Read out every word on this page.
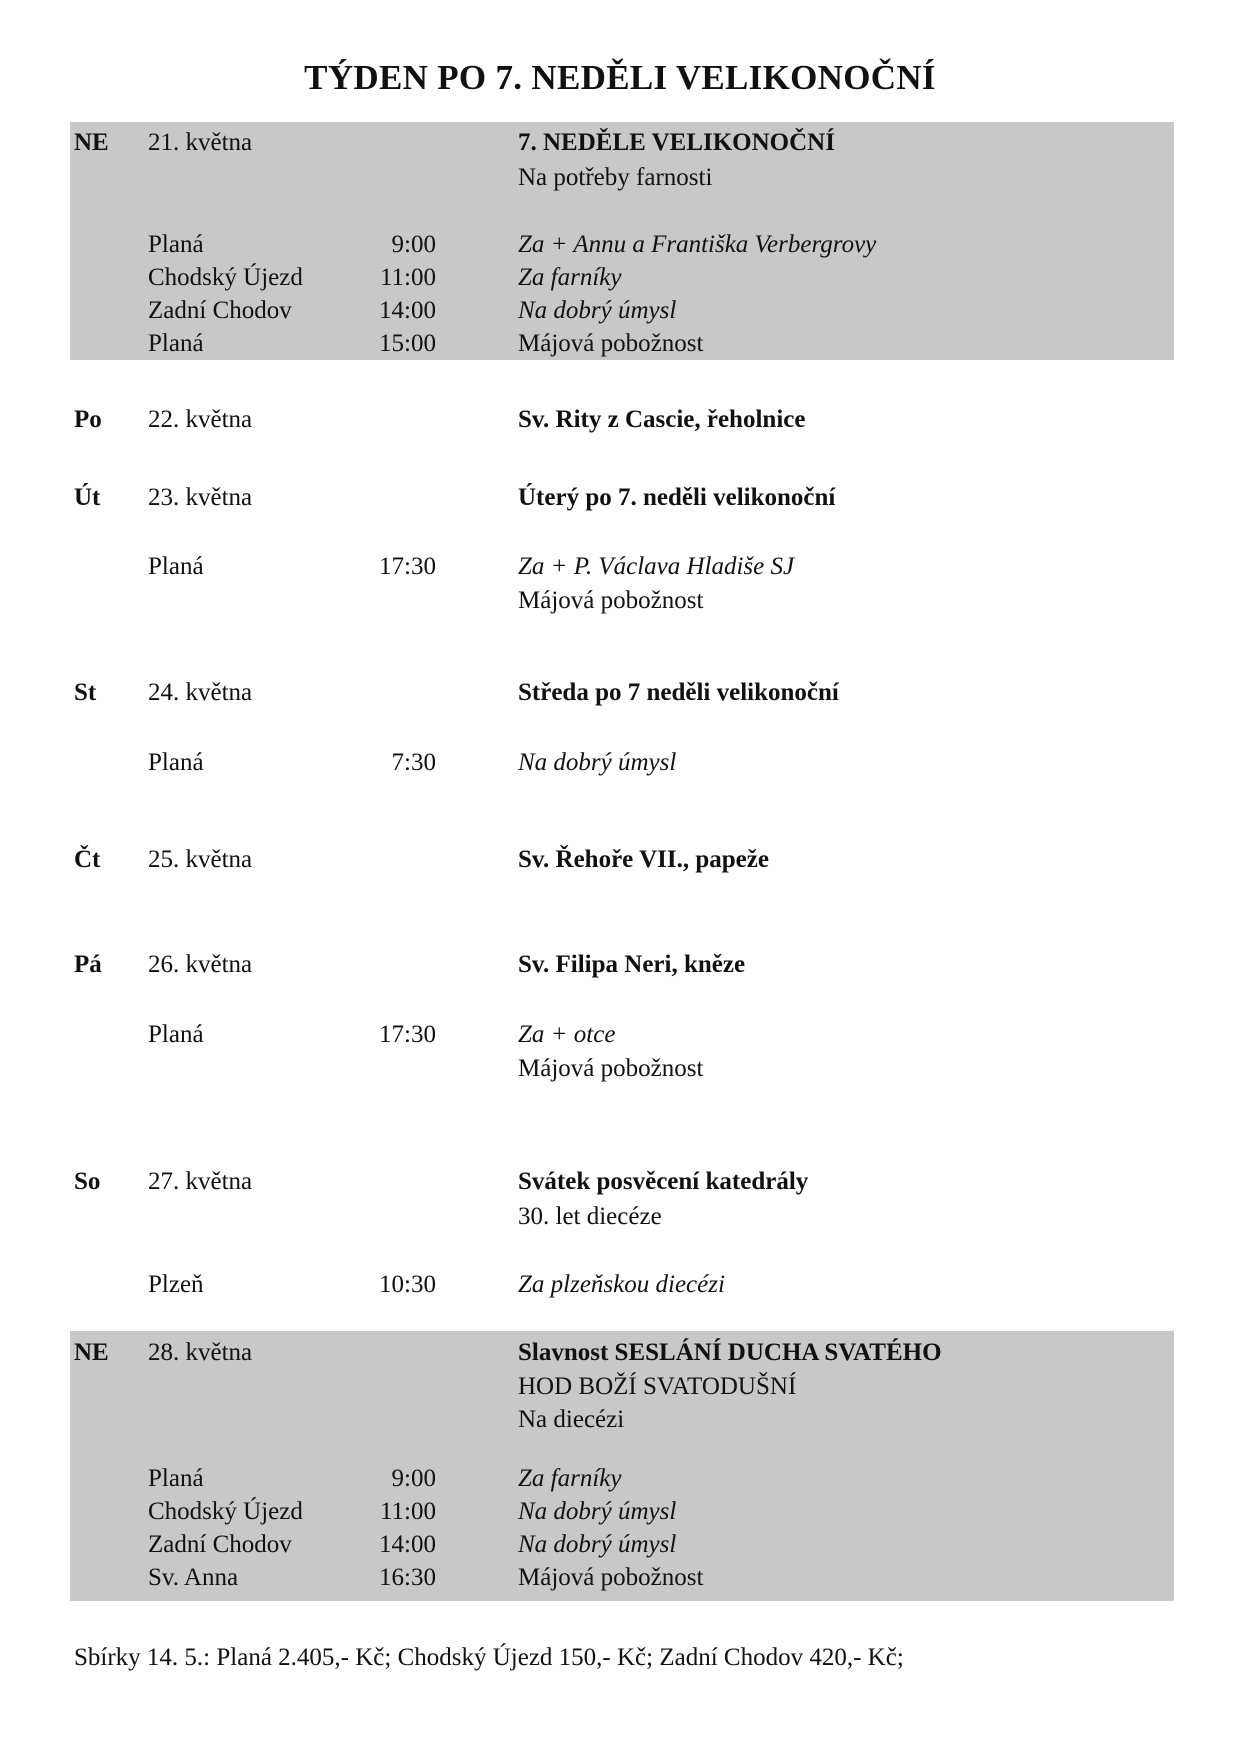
TÝDEN PO 7. NEDĚLI VELIKONOČNÍ
NE 21. května	7. NEDĚLE VELIKONOČNÍ
Na potřeby farnosti
Planá	9:00	Za + Annu a Františka Verbergrovy
Chodský Újezd	11:00	Za farníky
Zadní Chodov	14:00	Na dobrý úmysl
Planá	15:00	Májová pobožnost
Po 22. května	Sv. Rity z Cascie, řeholnice
Út 23. května	Úterý po 7. neděli velikonoční
Planá	17:30	Za + P. Václava Hladiše SJ
Májová pobožnost
St 24. května	Středa po 7 neděli velikonoční
Planá	7:30	Na dobrý úmysl
Čt 25. května	Sv. Řehoře VII., papeže
Pá 26. května	Sv. Filipa Neri, kněze
Planá	17:30	Za + otce
Májová pobožnost
So 27. května	Svátek posvěcení katedrály
30. let diecéze
Plzeň	10:30	Za plzeňskou diecézi
NE 28. května	Slavnost SESLÁNÍ DUCHA SVATÉHO
HOD BOŽÍ SVATODUŠNÍ
Na diecézi
Planá	9:00	Za farníky
Chodský Újezd	11:00	Na dobrý úmysl
Zadní Chodov	14:00	Na dobrý úmysl
Sv. Anna	16:30	Májová pobožnost
Sbírky 14. 5.: Planá 2.405,- Kč; Chodský Újezd 150,- Kč; Zadní Chodov 420,- Kč;
